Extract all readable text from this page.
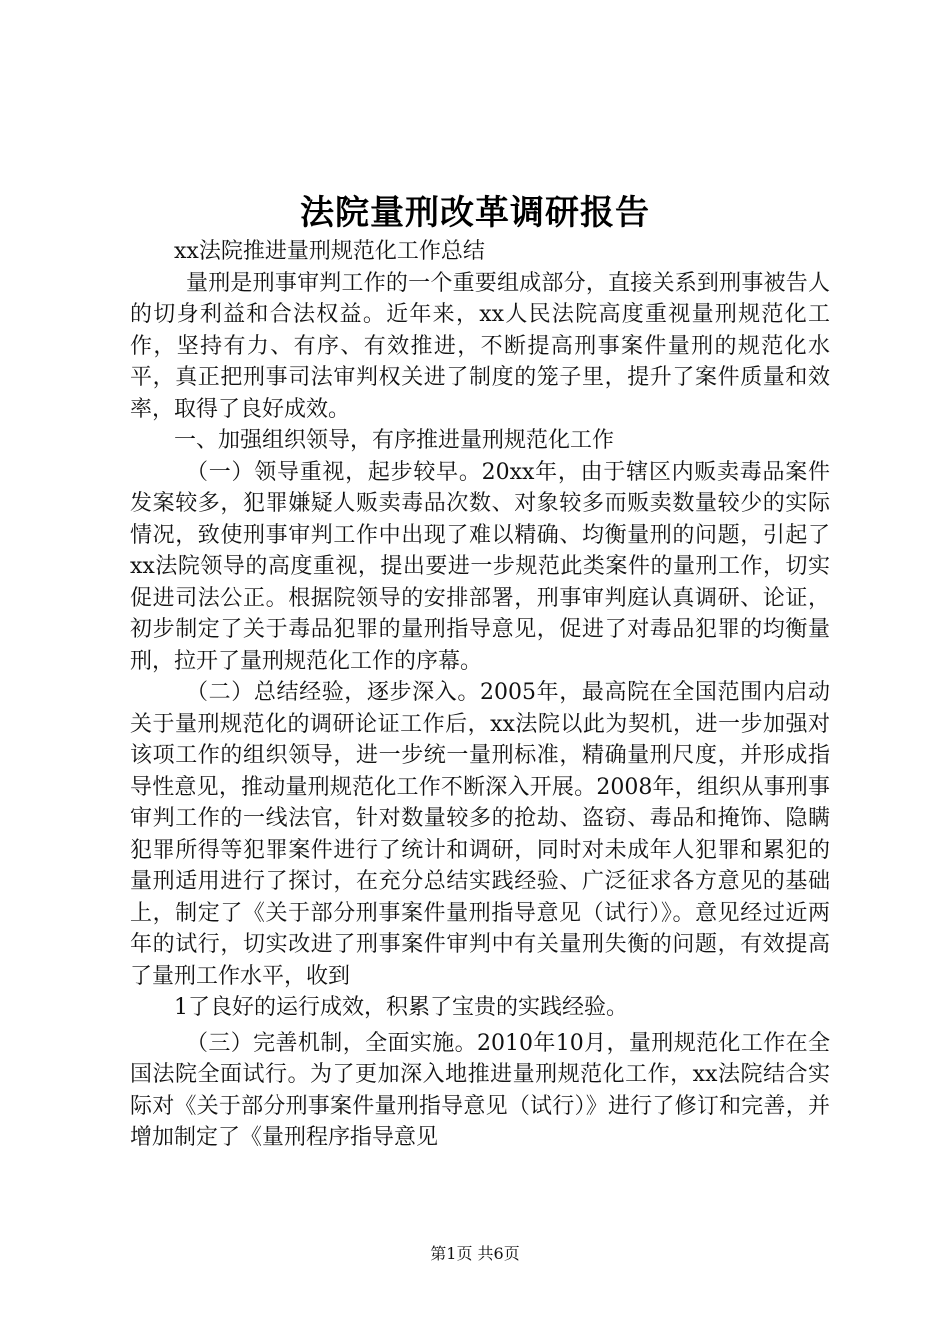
法院量刑改革调研报告

xx法院推进量刑规范化工作总结

量刑是刑事审判工作的一个重要组成部分，直接关系到刑事被告人的切身利益和合法权益。近年来，xx人民法院高度重视量刑规范化工作，坚持有力、有序、有效推进，不断提高刑事案件量刑的规范化水平，真正把刑事司法审判权关进了制度的笼子里，提升了案件质量和效率，取得了良好成效。

一、加强组织领导，有序推进量刑规范化工作

（一）领导重视，起步较早。20xx年，由于辖区内贩卖毒品案件发案较多，犯罪嫌疑人贩卖毒品次数、对象较多而贩卖数量较少的实际情况，致使刑事审判工作中出现了难以精确、均衡量刑的问题，引起了xx法院领导的高度重视，提出要进一步规范此类案件的量刑工作，切实促进司法公正。根据院领导的安排部署，刑事审判庭认真调研、论证，初步制定了关于毒品犯罪的量刑指导意见，促进了对毒品犯罪的均衡量刑，拉开了量刑规范化工作的序幕。

（二）总结经验，逐步深入。2005年，最高院在全国范围内启动关于量刑规范化的调研论证工作后，xx法院以此为契机，进一步加强对该项工作的组织领导，进一步统一量刑标准，精确量刑尺度，并形成指导性意见，推动量刑规范化工作不断深入开展。2008年，组织从事刑事审判工作的一线法官，针对数量较多的抢劫、盗窃、毒品和掩饰、隐瞒犯罪所得等犯罪案件进行了统计和调研，同时对未成年人犯罪和累犯的量刑适用进行了探讨，在充分总结实践经验、广泛征求各方意见的基础上，制定了《关于部分刑事案件量刑指导意见（试行）》。意见经过近两年的试行，切实改进了刑事案件审判中有关量刑失衡的问题，有效提高了量刑工作水平，收到

1了良好的运行成效，积累了宝贵的实践经验。

（三）完善机制，全面实施。2010年10月，量刑规范化工作在全国法院全面试行。为了更加深入地推进量刑规范化工作，xx法院结合实际对《关于部分刑事案件量刑指导意见（试行）》进行了修订和完善，并增加制定了《量刑程序指导意见

第1页 共6页
